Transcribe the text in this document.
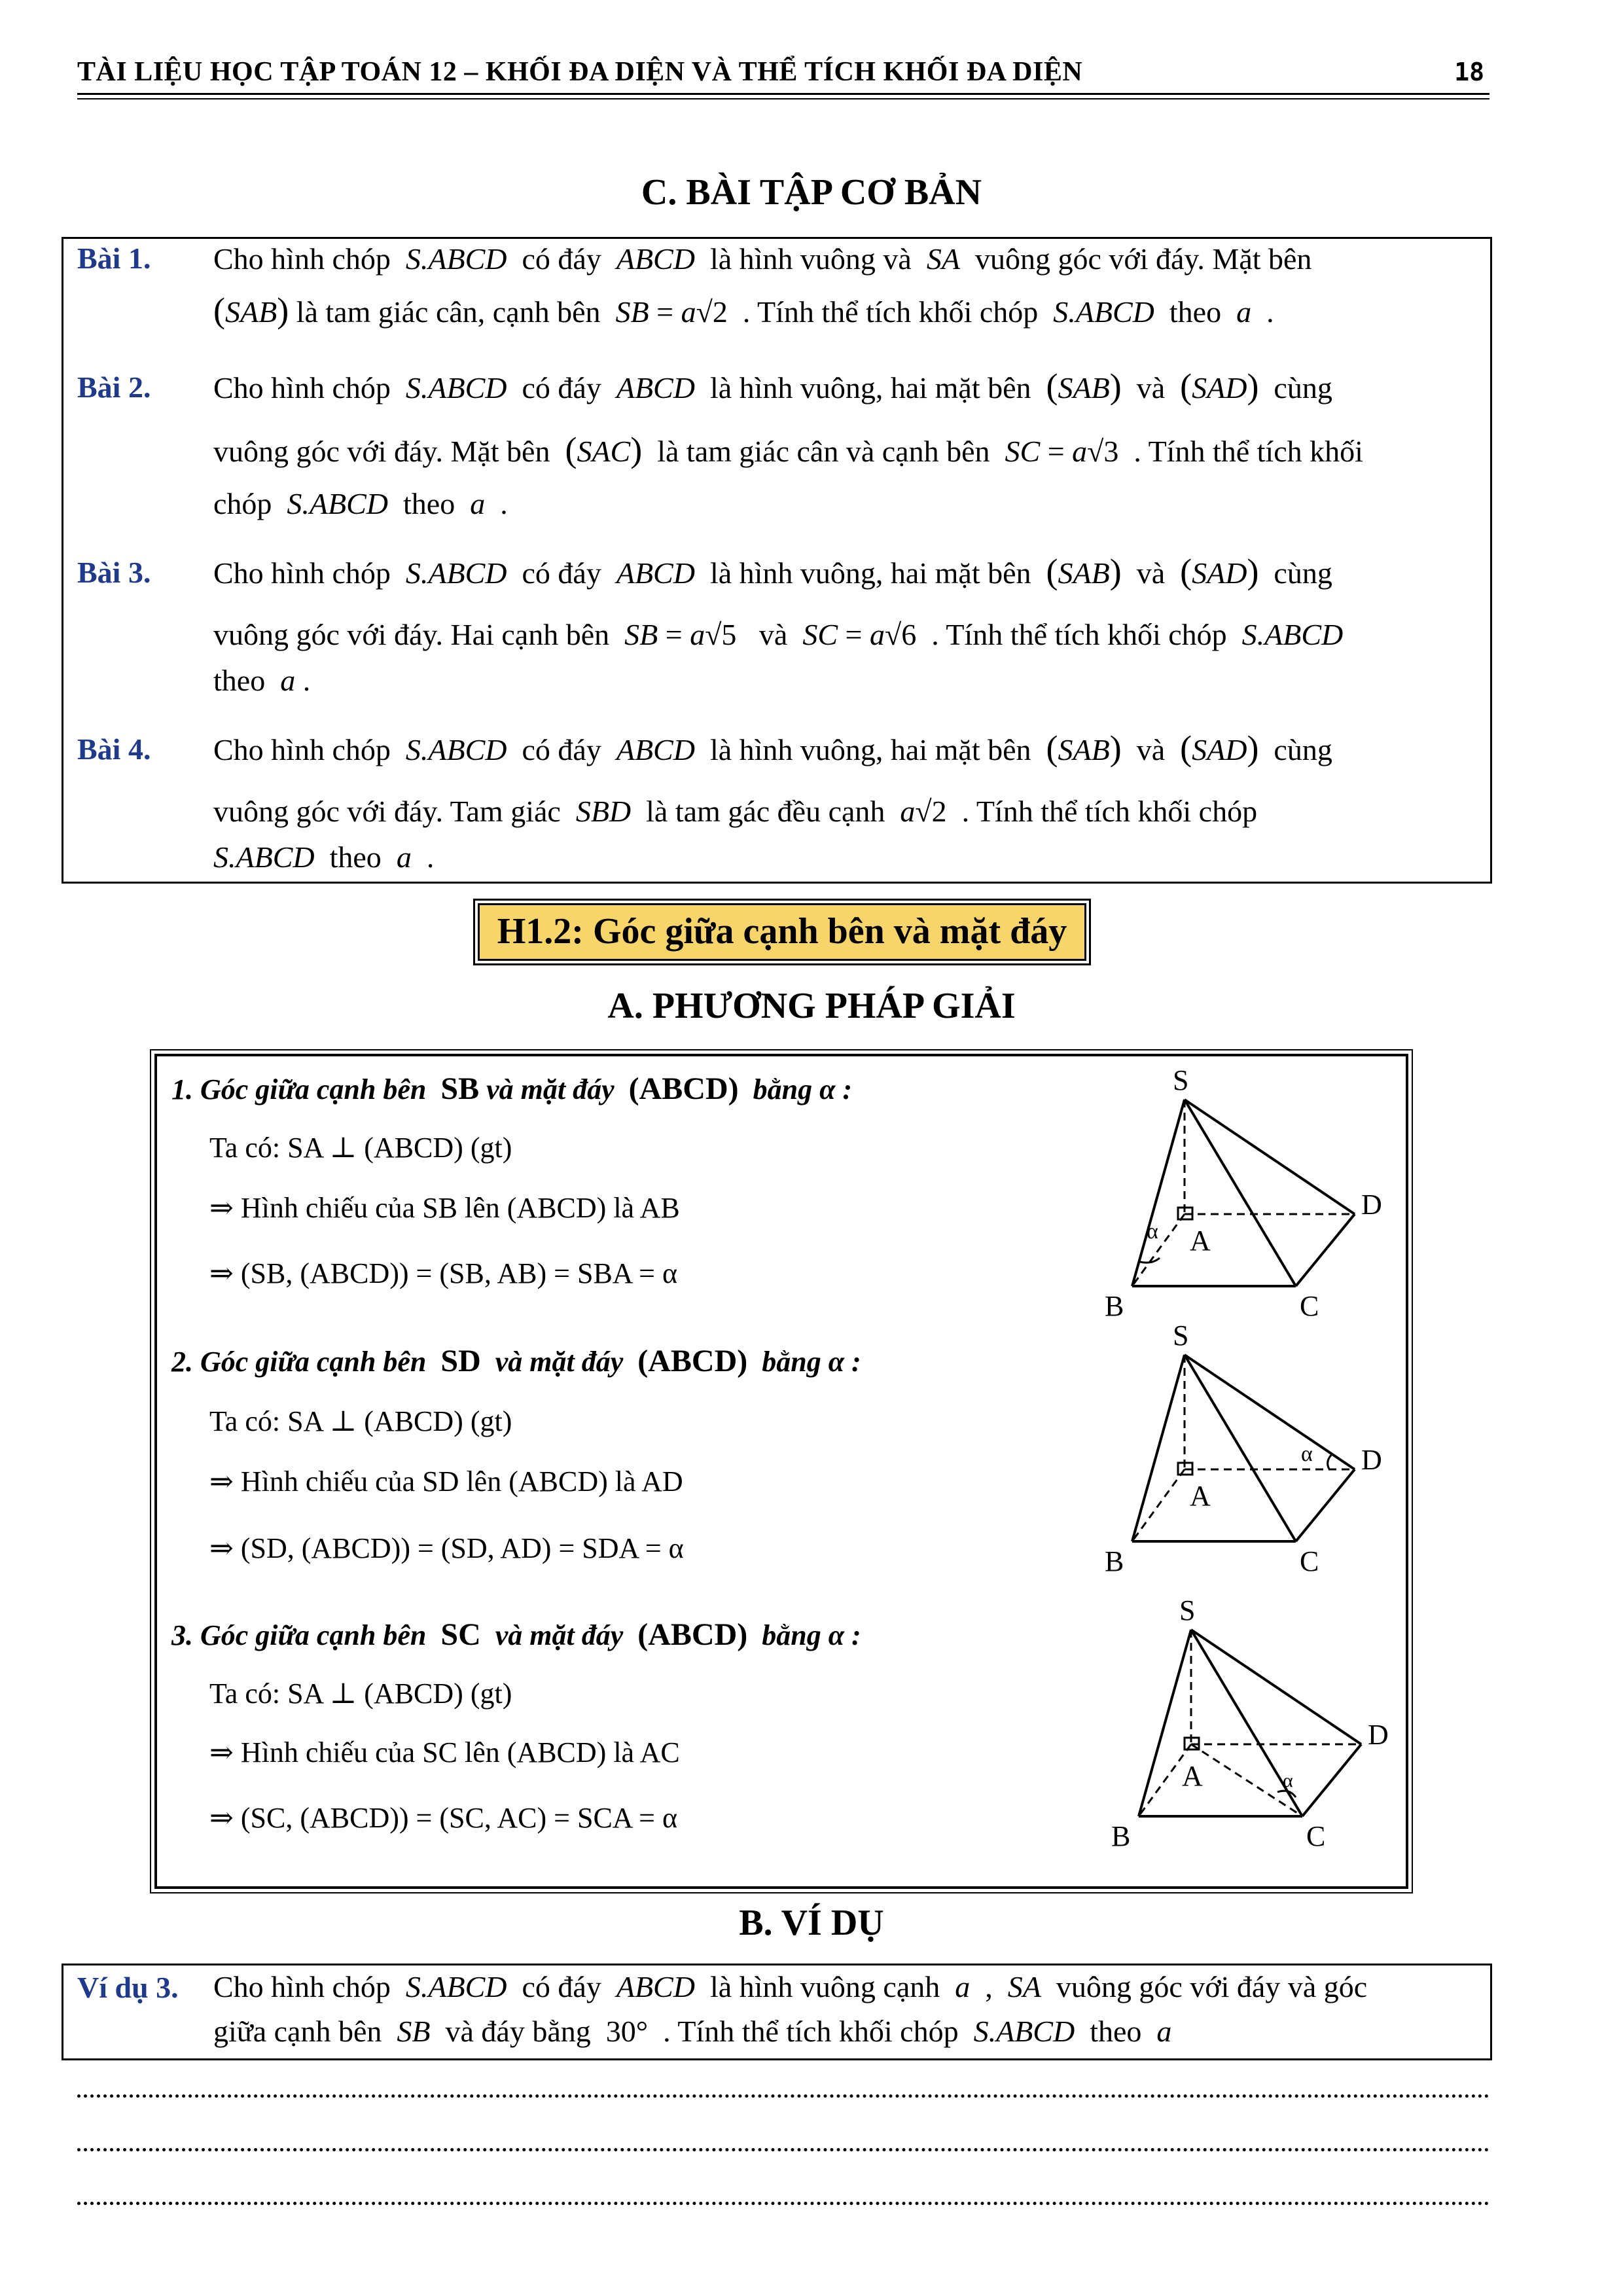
TÀI LIỆU HỌC TẬP TOÁN 12 – KHỐI ĐA DIỆN VÀ THỂ TÍCH KHỐI ĐA DIỆN	18
C. BÀI TẬP CƠ BẢN
Bài 1. Cho hình chóp  S.ABCD  có đáy  ABCD  là hình vuông và  SA  vuông góc với đáy. Mặt bên
(SAB) là tam giác cân, cạnh bên  SB = a√2  . Tính thể tích khối chóp  S.ABCD  theo  a  .
Bài 2. Cho hình chóp  S.ABCD  có đáy  ABCD  là hình vuông, hai mặt bên  (SAB)  và  (SAD)  cùng
vuông góc với đáy. Mặt bên  (SAC)  là tam giác cân và cạnh bên  SC = a√3  . Tính thể tích khối
chóp  S.ABCD  theo  a  .
Bài 3. Cho hình chóp  S.ABCD  có đáy  ABCD  là hình vuông, hai mặt bên  (SAB)  và  (SAD)  cùng
vuông góc với đáy. Hai cạnh bên  SB = a√5   và  SC = a√6  . Tính thể tích khối chóp  S.ABCD
theo  a .
Bài 4. Cho hình chóp  S.ABCD  có đáy  ABCD  là hình vuông, hai mặt bên  (SAB)  và  (SAD)  cùng
vuông góc với đáy. Tam giác  SBD  là tam gác đều cạnh  a√2  . Tính thể tích khối chóp
S.ABCD  theo  a  .
H1.2: Góc giữa cạnh bên và mặt đáy
A. PHƯƠNG PHÁP GIẢI
1. Góc giữa cạnh bên SB và mặt đáy (ABCD) bằng α :
Ta có: SA ⊥ (ABCD) (gt)
⇒ Hình chiếu của SB lên (ABCD) là AB
⇒ (SB, (ABCD)) = (SB, AB) = SBA = α
2. Góc giữa cạnh bên SD và mặt đáy (ABCD) bằng α :
Ta có: SA ⊥ (ABCD) (gt)
⇒ Hình chiếu của SD lên (ABCD) là AD
⇒ (SD, (ABCD)) = (SD, AD) = SDA = α
3. Góc giữa cạnh bên SC và mặt đáy (ABCD) bằng α :
Ta có: SA ⊥ (ABCD) (gt)
⇒ Hình chiếu của SC lên (ABCD) là AC
⇒ (SC, (ABCD)) = (SC, AC) = SCA = α
S
A
B	C
D
α
S
A
B	C
D
α
S
A
B	C
D
α
B. VÍ DỤ
Ví dụ 3. Cho hình chóp  S.ABCD  có đáy  ABCD  là hình vuông cạnh  a  ,  SA  vuông góc với đáy và góc
giữa cạnh bên  SB  và đáy bằng  30°  . Tính thể tích khối chóp  S.ABCD  theo  a
